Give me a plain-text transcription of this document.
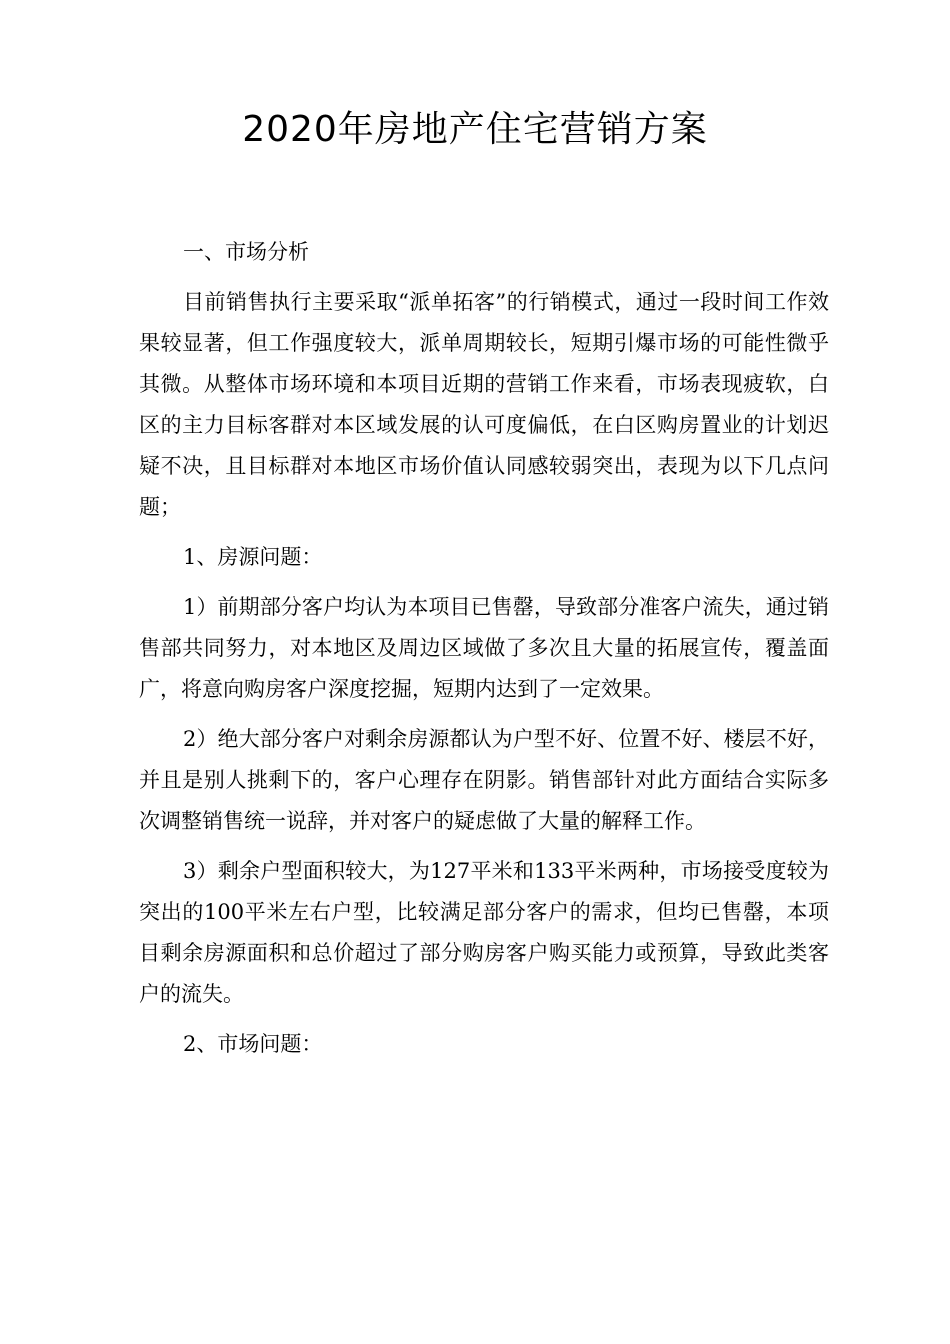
2020年房地产住宅营销方案

一、市场分析

目前销售执行主要采取“派单拓客”的行销模式，通过一段时间工作效果较显著，但工作强度较大，派单周期较长，短期引爆市场的可能性微乎其微。从整体市场环境和本项目近期的营销工作来看，市场表现疲软，白区的主力目标客群对本区域发展的认可度偏低，在白区购房置业的计划迟疑不决，且目标群对本地区市场价值认同感较弱突出，表现为以下几点问题；

1、房源问题：

1）前期部分客户均认为本项目已售罄，导致部分准客户流失，通过销售部共同努力，对本地区及周边区域做了多次且大量的拓展宣传，覆盖面广，将意向购房客户深度挖掘，短期内达到了一定效果。

2）绝大部分客户对剩余房源都认为户型不好、位置不好、楼层不好，并且是别人挑剩下的，客户心理存在阴影。销售部针对此方面结合实际多次调整销售统一说辞，并对客户的疑虑做了大量的解释工作。

3）剩余户型面积较大，为127平米和133平米两种，市场接受度较为突出的100平米左右户型，比较满足部分客户的需求，但均已售罄，本项目剩余房源面积和总价超过了部分购房客户购买能力或预算，导致此类客户的流失。

2、市场问题：
